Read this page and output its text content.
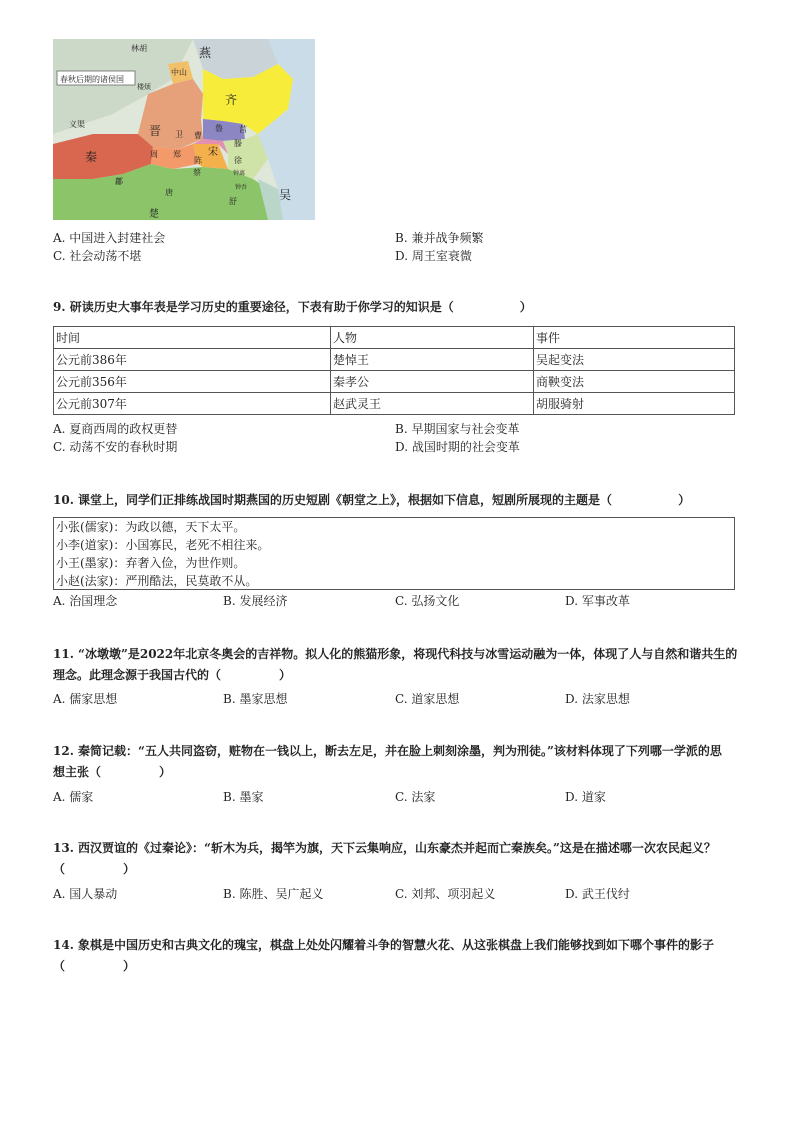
春秋后期的诸侯国
林胡	燕
中山
楼烦
齐
义渠	晋 卫 曹
鲁 莒
秦	周 郑	宋
滕
徐
陈
蔡	钟离
鄘
唐
钟吾
舒	吴
楚
A. 中国进入封建社会	B. 兼并战争频繁
C. 社会动荡不堪	D. 周王室衰微
9. 研读历史大事年表是学习历史的重要途径，下表有助于你学习的知识是（	）
时间	人物	事件
公元前386年	楚悼王	吴起变法
公元前356年	秦孝公	商鞅变法
公元前307年	赵武灵王	胡服骑射
A. 夏商西周的政权更替	B. 早期国家与社会变革
C. 动荡不安的春秋时期	D. 战国时期的社会变革
10. 课堂上，同学们正排练战国时期燕国的历史短剧《朝堂之上》，根据如下信息，短剧所展现的主题是（	）
小张(儒家)：为政以德，天下太平。
小李(道家)：小国寡民，老死不相往来。
小王(墨家)：弃奢入俭，为世作则。
小赵(法家)：严刑酷法，民莫敢不从。
A. 治国理念	B. 发展经济	C. 弘扬文化	D. 军事改革
11. “冰墩墩”是2022年北京冬奥会的吉祥物。拟人化的熊猫形象，将现代科技与冰雪运动融为一体，体现了人与自然和谐共生的
理念。此理念源于我国古代的（	）
A. 儒家思想	B. 墨家思想	C. 道家思想	D. 法家思想
12. 秦简记载：“五人共同盗窃，赃物在一钱以上，断去左足，并在脸上刺刻涂墨，判为刑徒。”该材料体现了下列哪一学派的思
想主张（	）
A. 儒家	B. 墨家	C. 法家	D. 道家
13. 西汉贾谊的《过秦论》：“斩木为兵，揭竿为旗，天下云集响应，山东豪杰并起而亡秦族矣。”这是在描述哪一次农民起义？
（	）
A. 国人暴动	B. 陈胜、吴广起义	C. 刘邦、项羽起义	D. 武王伐纣
14. 象棋是中国历史和古典文化的瑰宝，棋盘上处处闪耀着斗争的智慧火花、从这张棋盘上我们能够找到如下哪个事件的影子
（	）
